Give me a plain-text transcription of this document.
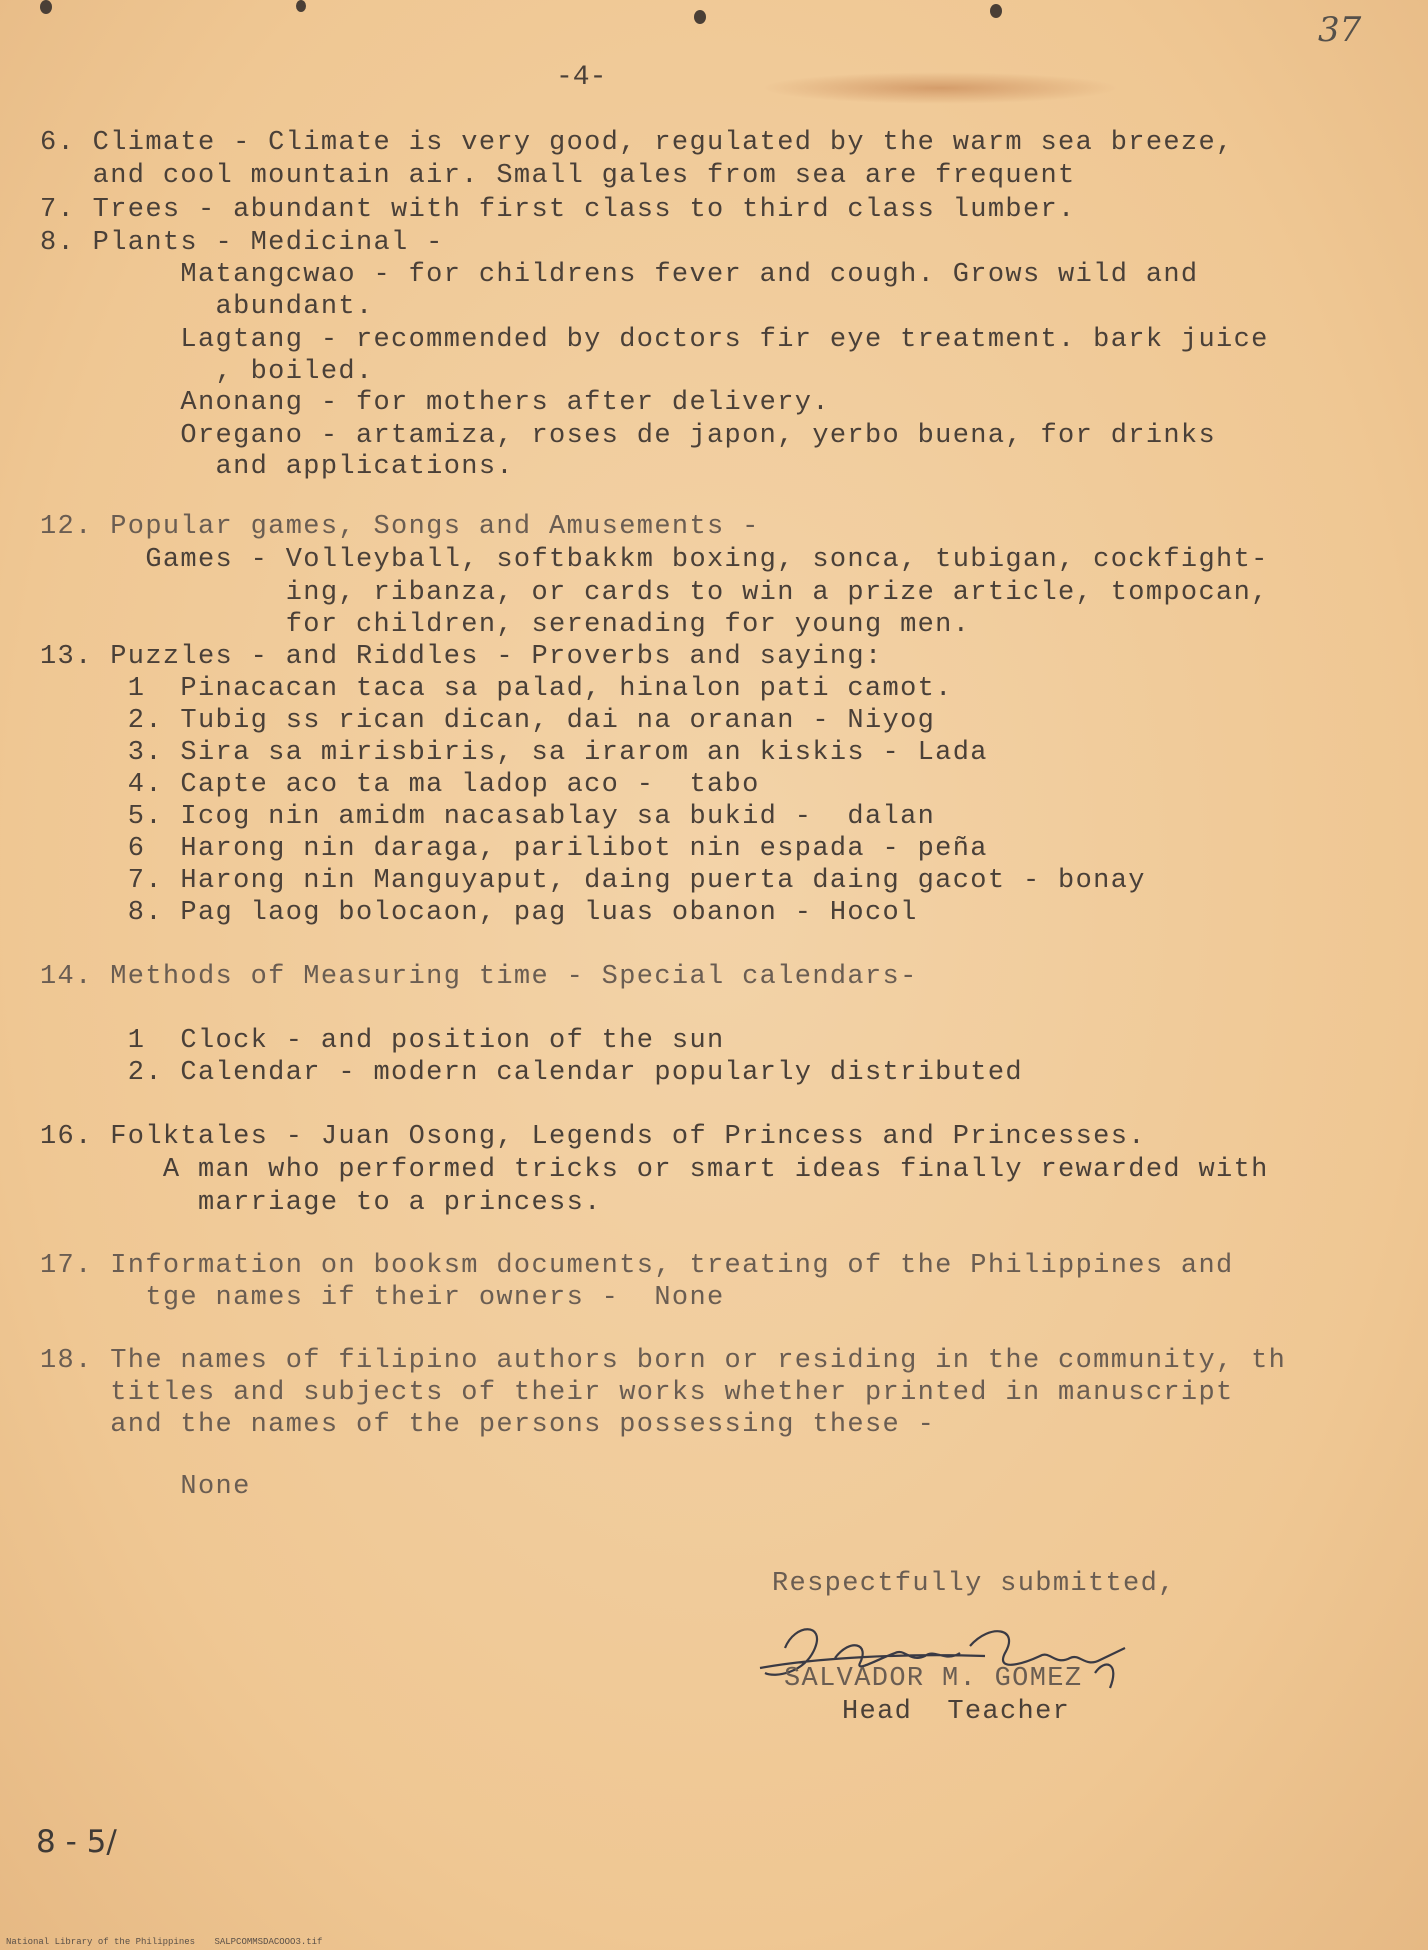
-4-
37
6. Climate - Climate is very good, regulated by the warm sea breeze,
and cool mountain air. Small gales from sea are frequent
7. Trees - abundant with first class to third class lumber.
8. Plants - Medicinal -
Matangcwao - for childrens fever and cough. Grows wild and
abundant.
Lagtang - recommended by doctors fir eye treatment. bark juice
, boiled.
Anonang - for mothers after delivery.
Oregano - artamiza, roses de japon, yerbo buena, for drinks
and applications.
12. Popular games, Songs and Amusements -
Games - Volleyball, softbakkm boxing, sonca, tubigan, cockfight-
ing, ribanza, or cards to win a prize article, tompocan,
for children, serenading for young men.
13. Puzzles - and Riddles - Proverbs and saying:
1  Pinacacan taca sa palad, hinalon pati camot.
2. Tubig ss rican dican, dai na oranan - Niyog
3. Sira sa mirisbiris, sa irarom an kiskis - Lada
4. Capte aco ta ma ladop aco -  tabo
5. Icog nin amidm nacasablay sa bukid -  dalan
6  Harong nin daraga, parilibot nin espada - peña
7. Harong nin Manguyaput, daing puerta daing gacot - bonay
8. Pag laog bolocaon, pag luas obanon - Hocol
14. Methods of Measuring time - Special calendars-
1  Clock - and position of the sun
2. Calendar - modern calendar popularly distributed
16. Folktales - Juan Osong, Legends of Princess and Princesses.
A man who performed tricks or smart ideas finally rewarded with
marriage to a princess.
17. Information on booksm documents, treating of the Philippines and
tge names if their owners -  None
18. The names of filipino authors born or residing in the community, th
titles and subjects of their works whether printed in manuscript
and the names of the persons possessing these -
None
Respectfully submitted,
SALVADOR M. GOMEZ
Head  Teacher
8 - 5/
National Library of the Philippines SALPCOMMSDACOOO3.tif
